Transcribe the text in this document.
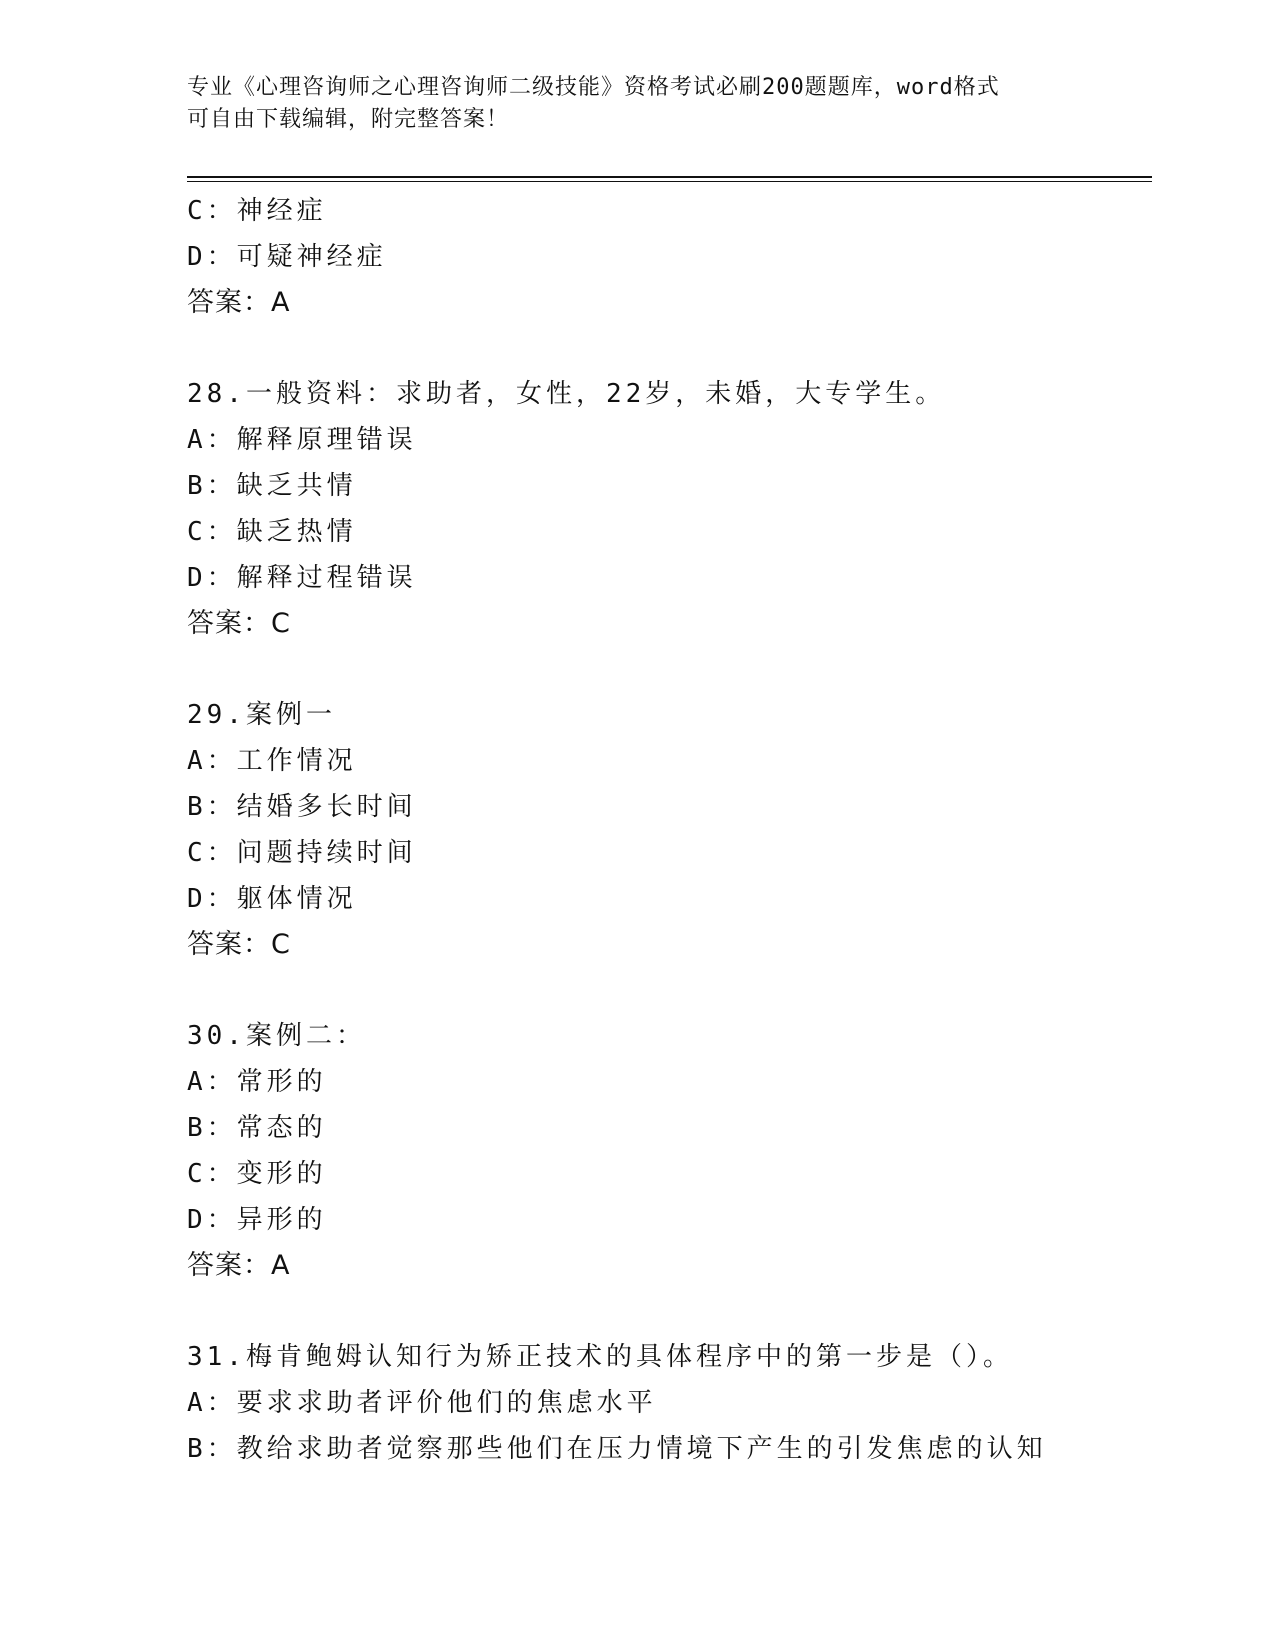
专业《心理咨询师之心理咨询师二级技能》资格考试必刷200题题库，word格式
可自由下载编辑，附完整答案！
C：神经症
D：可疑神经症
答案：A
28.一般资料：求助者，女性，22岁，未婚，大专学生。
A：解释原理错误
B：缺乏共情
C：缺乏热情
D：解释过程错误
答案：C
29.案例一
A：工作情况
B：结婚多长时间
C：问题持续时间
D：躯体情况
答案：C
30.案例二：
A：常形的
B：常态的
C：变形的
D：异形的
答案：A
31.梅肯鲍姆认知行为矫正技术的具体程序中的第一步是（）。
A：要求求助者评价他们的焦虑水平
B：教给求助者觉察那些他们在压力情境下产生的引发焦虑的认知
